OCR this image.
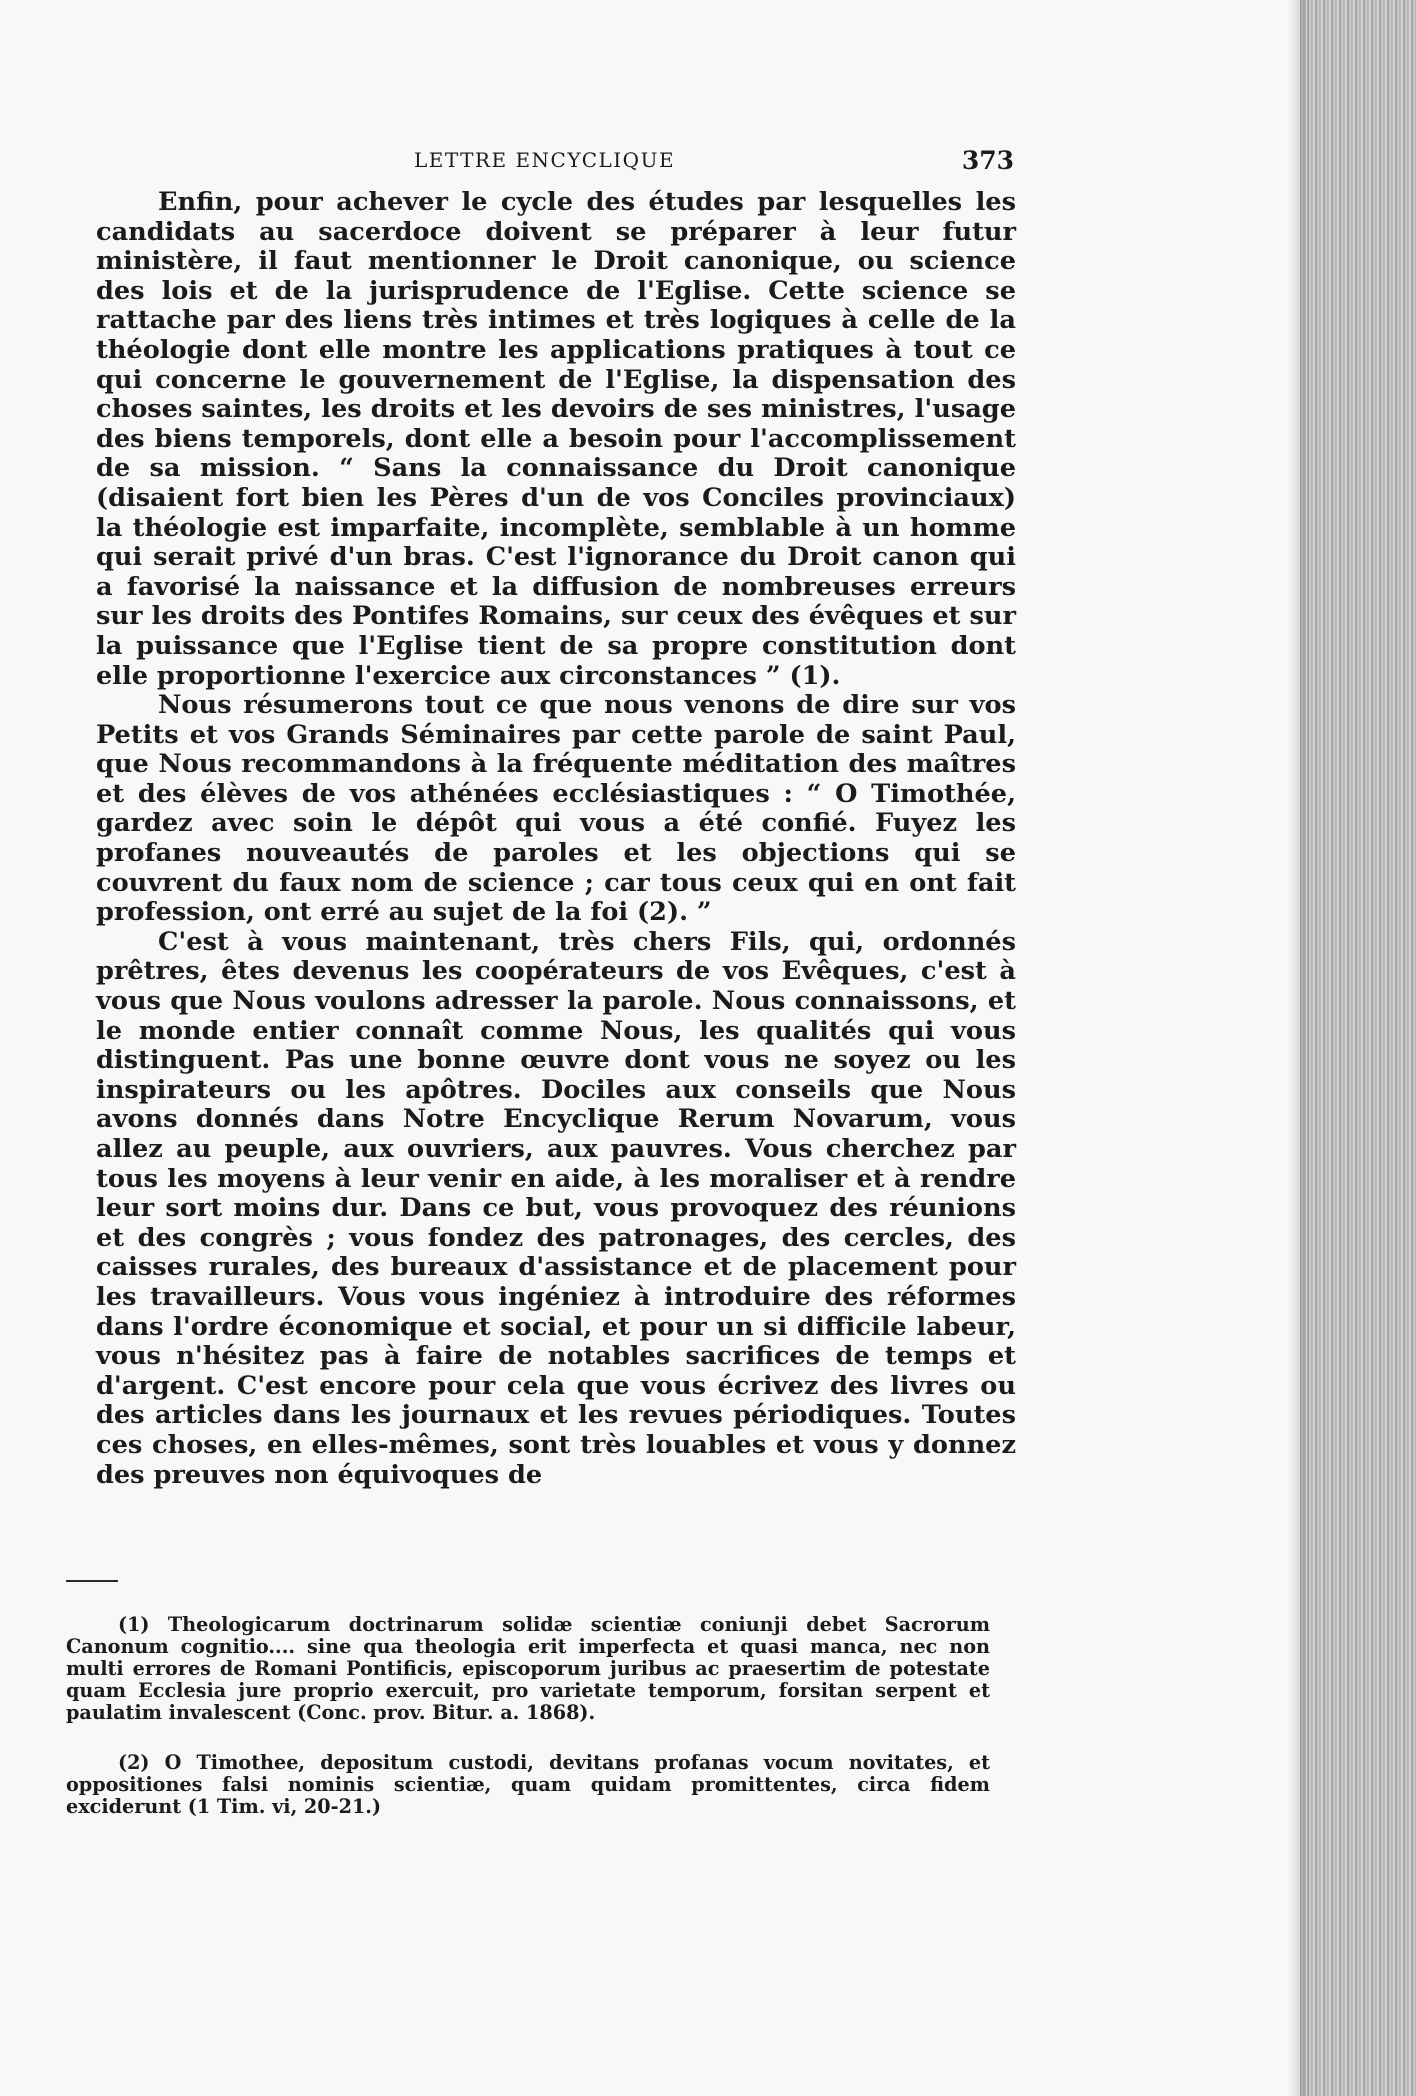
LETTRE ENCYCLIQUE	373

Enfin, pour achever le cycle des études par lesquelles les candidats au sacerdoce doivent se préparer à leur futur ministère, il faut mentionner le Droit canonique, ou science des lois et de la jurisprudence de l'Eglise. Cette science se rattache par des liens très intimes et très logiques à celle de la théologie dont elle montre les applications pratiques à tout ce qui concerne le gouvernement de l'Eglise, la dispensation des choses saintes, les droits et les devoirs de ses ministres, l'usage des biens temporels, dont elle a besoin pour l'accomplissement de sa mission. “ Sans la connaissance du Droit canonique (disaient fort bien les Pères d'un de vos Conciles provinciaux) la théologie est imparfaite, incomplète, semblable à un homme qui serait privé d'un bras. C'est l'ignorance du Droit canon qui a favorisé la naissance et la diffusion de nombreuses erreurs sur les droits des Pontifes Romains, sur ceux des évêques et sur la puissance que l'Eglise tient de sa propre constitution dont elle proportionne l'exercice aux circonstances ” (1).

Nous résumerons tout ce que nous venons de dire sur vos Petits et vos Grands Séminaires par cette parole de saint Paul, que Nous recommandons à la fréquente méditation des maîtres et des élèves de vos athénées ecclésiastiques : “ O Timothée, gardez avec soin le dépôt qui vous a été confié. Fuyez les profanes nouveautés de paroles et les objections qui se couvrent du faux nom de science ; car tous ceux qui en ont fait profession, ont erré au sujet de la foi (2). ”

C'est à vous maintenant, très chers Fils, qui, ordonnés prêtres, êtes devenus les coopérateurs de vos Evêques, c'est à vous que Nous voulons adresser la parole. Nous connaissons, et le monde entier connaît comme Nous, les qualités qui vous distinguent. Pas une bonne œuvre dont vous ne soyez ou les inspirateurs ou les apôtres. Dociles aux conseils que Nous avons donnés dans Notre Encyclique Rerum Novarum, vous allez au peuple, aux ouvriers, aux pauvres. Vous cherchez par tous les moyens à leur venir en aide, à les moraliser et à rendre leur sort moins dur. Dans ce but, vous provoquez des réunions et des congrès ; vous fondez des patronages, des cercles, des caisses rurales, des bureaux d'assistance et de placement pour les travailleurs. Vous vous ingéniez à introduire des réformes dans l'ordre économique et social, et pour un si difficile labeur, vous n'hésitez pas à faire de notables sacrifices de temps et d'argent. C'est encore pour cela que vous écrivez des livres ou des articles dans les journaux et les revues périodiques. Toutes ces choses, en elles-mêmes, sont très louables et vous y donnez des preuves non équivoques de

(1) Theologicarum doctrinarum solidæ scientiæ coniunji debet Sacrorum Canonum cognitio.... sine qua theologia erit imperfecta et quasi manca, nec non multi errores de Romani Pontificis, episcoporum juribus ac praesertim de potestate quam Ecclesia jure proprio exercuit, pro varietate temporum, forsitan serpent et paulatim invalescent (Conc. prov. Bitur. a. 1868).

(2) O Timothee, depositum custodi, devitans profanas vocum novitates, et oppositiones falsi nominis scientiæ, quam quidam promittentes, circa fidem exciderunt (1 Tim. vi, 20-21.)
